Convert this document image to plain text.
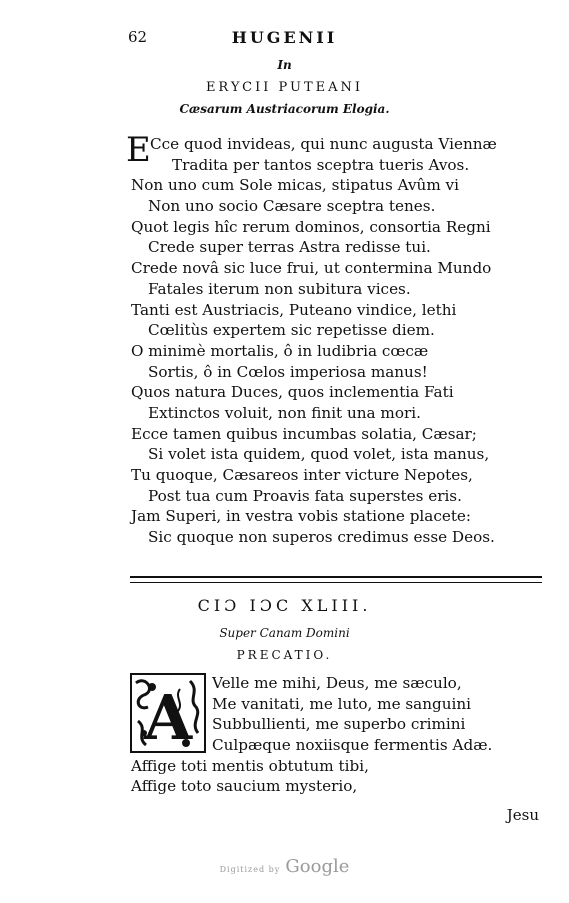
62	HUGENII
In
ERYCII PUTEANI
Cæsarum Austriacorum Elogia.
E Cce quod invideas, qui nunc augusta Viennæ
Tradita per tantos sceptra tueris Avos.
Non uno cum Sole micas, stipatus Avûm vi
Non uno socio Cæsare sceptra tenes.
Quot legis hîc rerum dominos, consortia Regni
Crede super terras Astra redisse tui.
Crede novâ sic luce frui, ut contermina Mundo
Fatales iterum non subitura vices.
Tanti est Austriacis, Puteano vindice, lethi
Cœlitùs expertem sic repetisse diem.
O minimè mortalis, ô in ludibria cœcæ
Sortis, ô in Cœlos imperiosa manus!
Quos natura Duces, quos inclementia Fati
Extinctos voluit, non finit una mori.
Ecce tamen quibus incumbas solatia, Cæsar;
Si volet ista quidem, quod volet, ista manus,
Tu quoque, Cæsareos inter victure Nepotes,
Post tua cum Proavis fata superstes eris.
Jam Superi, in vestra vobis statione placete:
Sic quoque non superos credimus esse Deos.
CIƆ IƆC XLIII.
Super Canam Domini
PRECATIO.
A	Velle me mihi, Deus, me sæculo,
Me vanitati, me luto, me sanguini
Subbullienti, me superbo crimini
Culpæque noxiisque fermentis Adæ.
Affige toti mentis obtutum tibi,
Affige toto saucium mysterio,
Jesu
Digitized by Google
